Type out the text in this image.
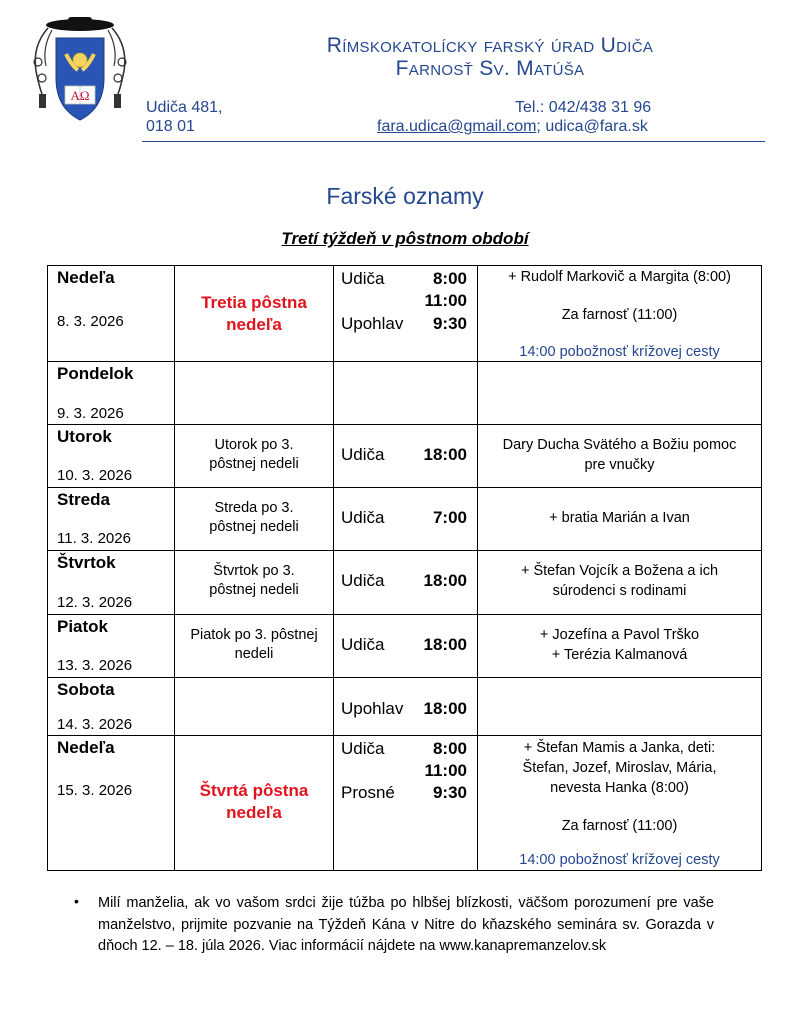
AΩ
Rímskokatolícky farský úrad Udiča
Farnosť Sv. Matúša
Udiča 481,
018 01
Tel.: 042/438 31 96
fara.udica@gmail.com; udica@fara.sk
Farské oznamy
Tretí týždeň v pôstnom období
Nedeľa
8. 3. 2026	Tretia pôstna
nedeľa	Udiča 8:00
11:00
Upohlav 9:30	+ Rudolf Markovič a Margita (8:00)
Za farnosť (11:00)
14:00 pobožnosť krížovej cesty

Pondelok
9. 3. 2026			

Utorok
10. 3. 2026	Utorok po 3.
pôstnej nedeli	Udiča 18:00	Dary Ducha Svätého a Božiu pomoc
pre vnučky

Streda
11. 3. 2026	Streda po 3.
pôstnej nedeli	Udiča 7:00	+ bratia Marián a Ivan

Štvrtok
12. 3. 2026	Štvrtok po 3.
pôstnej nedeli	Udiča 18:00	+ Štefan Vojcík a Božena a ich
súrodenci s rodinami

Piatok
13. 3. 2026	Piatok po 3. pôstnej
nedeli	Udiča 18:00	+ Jozefína a Pavol Trško
+ Terézia Kalmanová

Sobota
14. 3. 2026		Upohlav 18:00	

Nedeľa
15. 3. 2026	Štvrtá pôstna
nedeľa	Udiča 8:00
11:00
Prosné 9:30	+ Štefan Mamis a Janka, deti:
Štefan, Jozef, Miroslav, Mária,
nevesta Hanka (8:00)
Za farnosť (11:00)
14:00 pobožnosť krížovej cesty
• Milí manželia, ak vo vašom srdci žije túžba po hlbšej blízkosti, väčšom porozumení pre vaše manželstvo, prijmite pozvanie na Týždeň Kána v Nitre do kňazského seminára sv. Gorazda v dňoch 12. – 18. júla 2026. Viac informácií nájdete na www.kanapremanzelov.sk
